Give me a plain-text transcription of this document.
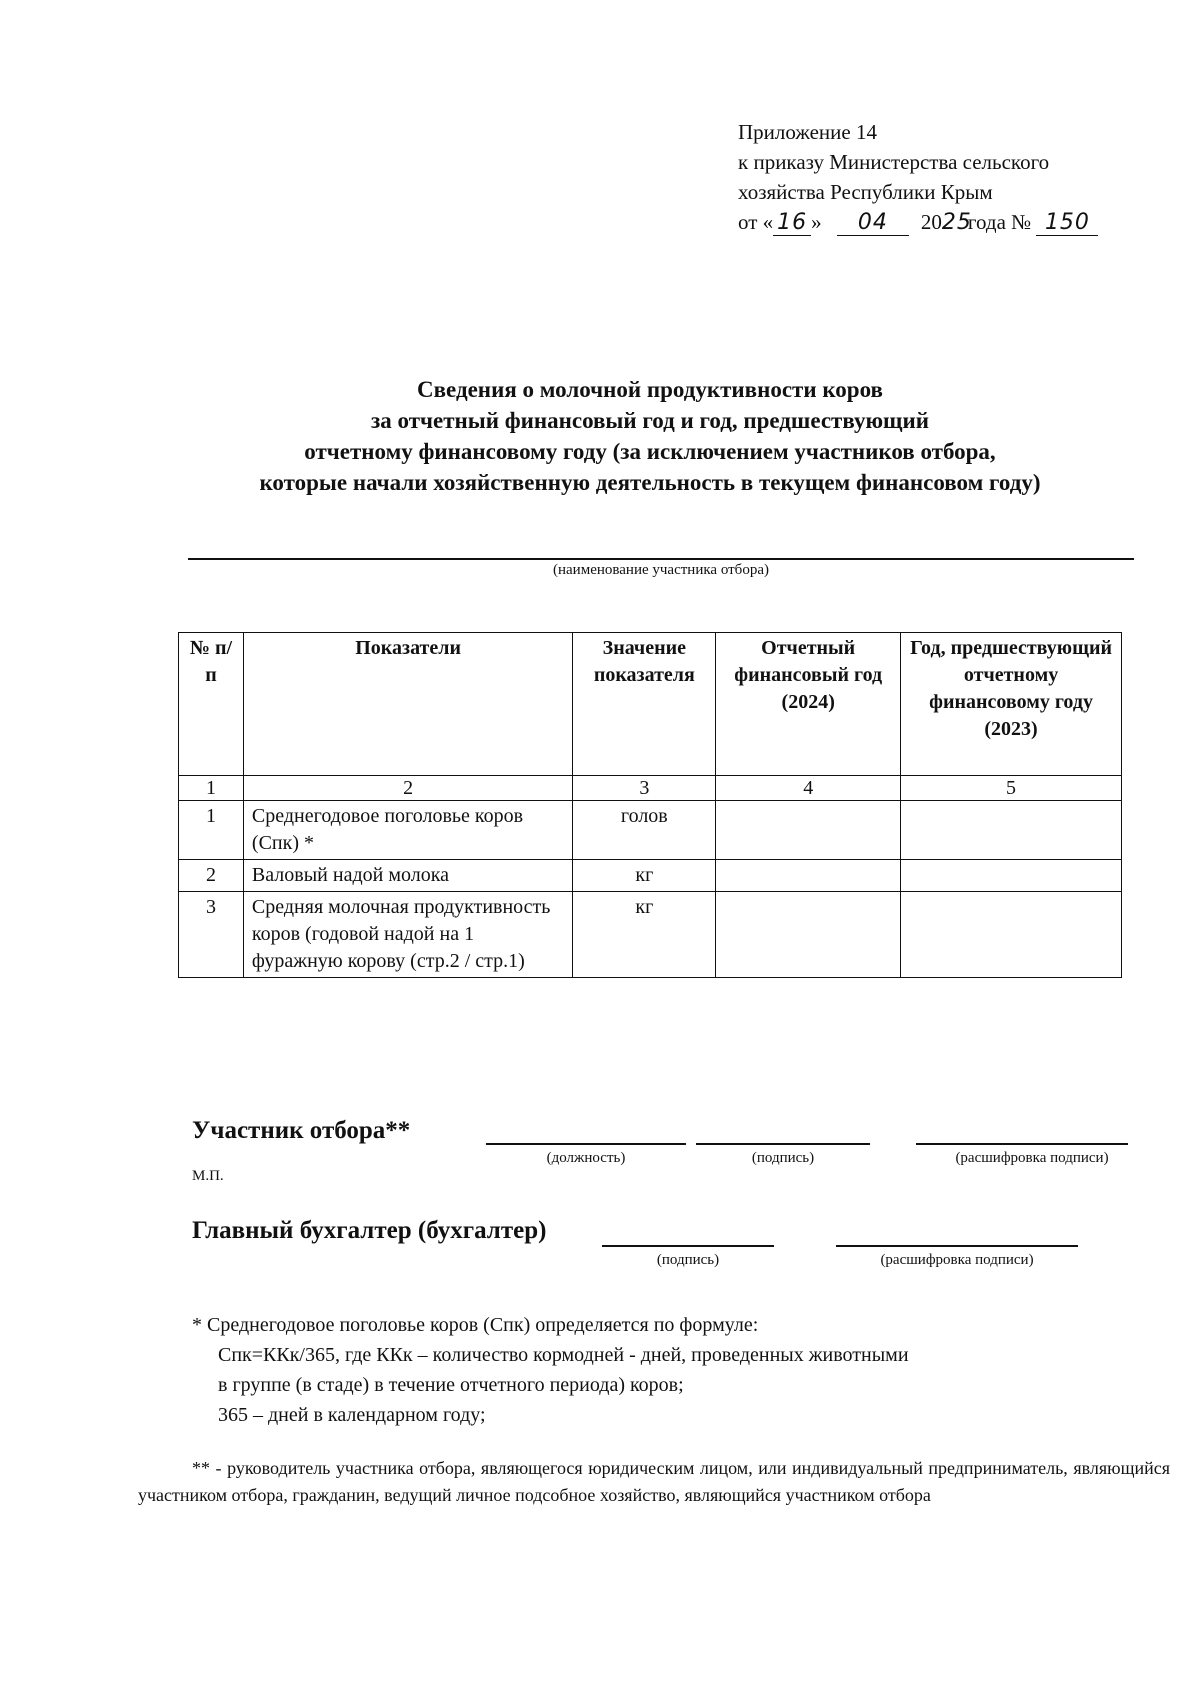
Приложение 14
к приказу Министерства сельского
хозяйства Республики Крым
от « 16 » 04 2025года № 150
Сведения о молочной продуктивности коров
за отчетный финансовый год и год, предшествующий
отчетному финансовому году (за исключением участников отбора,
которые начали хозяйственную деятельность в текущем финансовом году)
(наименование участника отбора)
№ п/п	Показатели	Значение показателя	Отчетный финансовый год (2024)	Год, предшествующий отчетному финансовому году (2023)
1	2	3	4	5
1	Среднегодовое поголовье коров (Спк) *	голов		
2	Валовый надой молока	кг		
3	Средняя молочная продуктивность коров (годовой надой на 1 фуражную корову (стр.2 / стр.1)	кг		
Участник отбора**
(должность)	(подпись)	(расшифровка подписи)
М.П.
Главный бухгалтер (бухгалтер)
(подпись)	(расшифровка подписи)
* Среднегодовое поголовье коров (Спк) определяется по формуле:
Спк=ККк/365, где ККк – количество кормодней - дней, проведенных животными
в группе (в стаде) в течение отчетного периода) коров;
365 – дней в календарном году;
** - руководитель участника отбора, являющегося юридическим лицом, или индивидуальный предприниматель, являющийся участником отбора, гражданин, ведущий личное подсобное хозяйство, являющийся участником отбора
